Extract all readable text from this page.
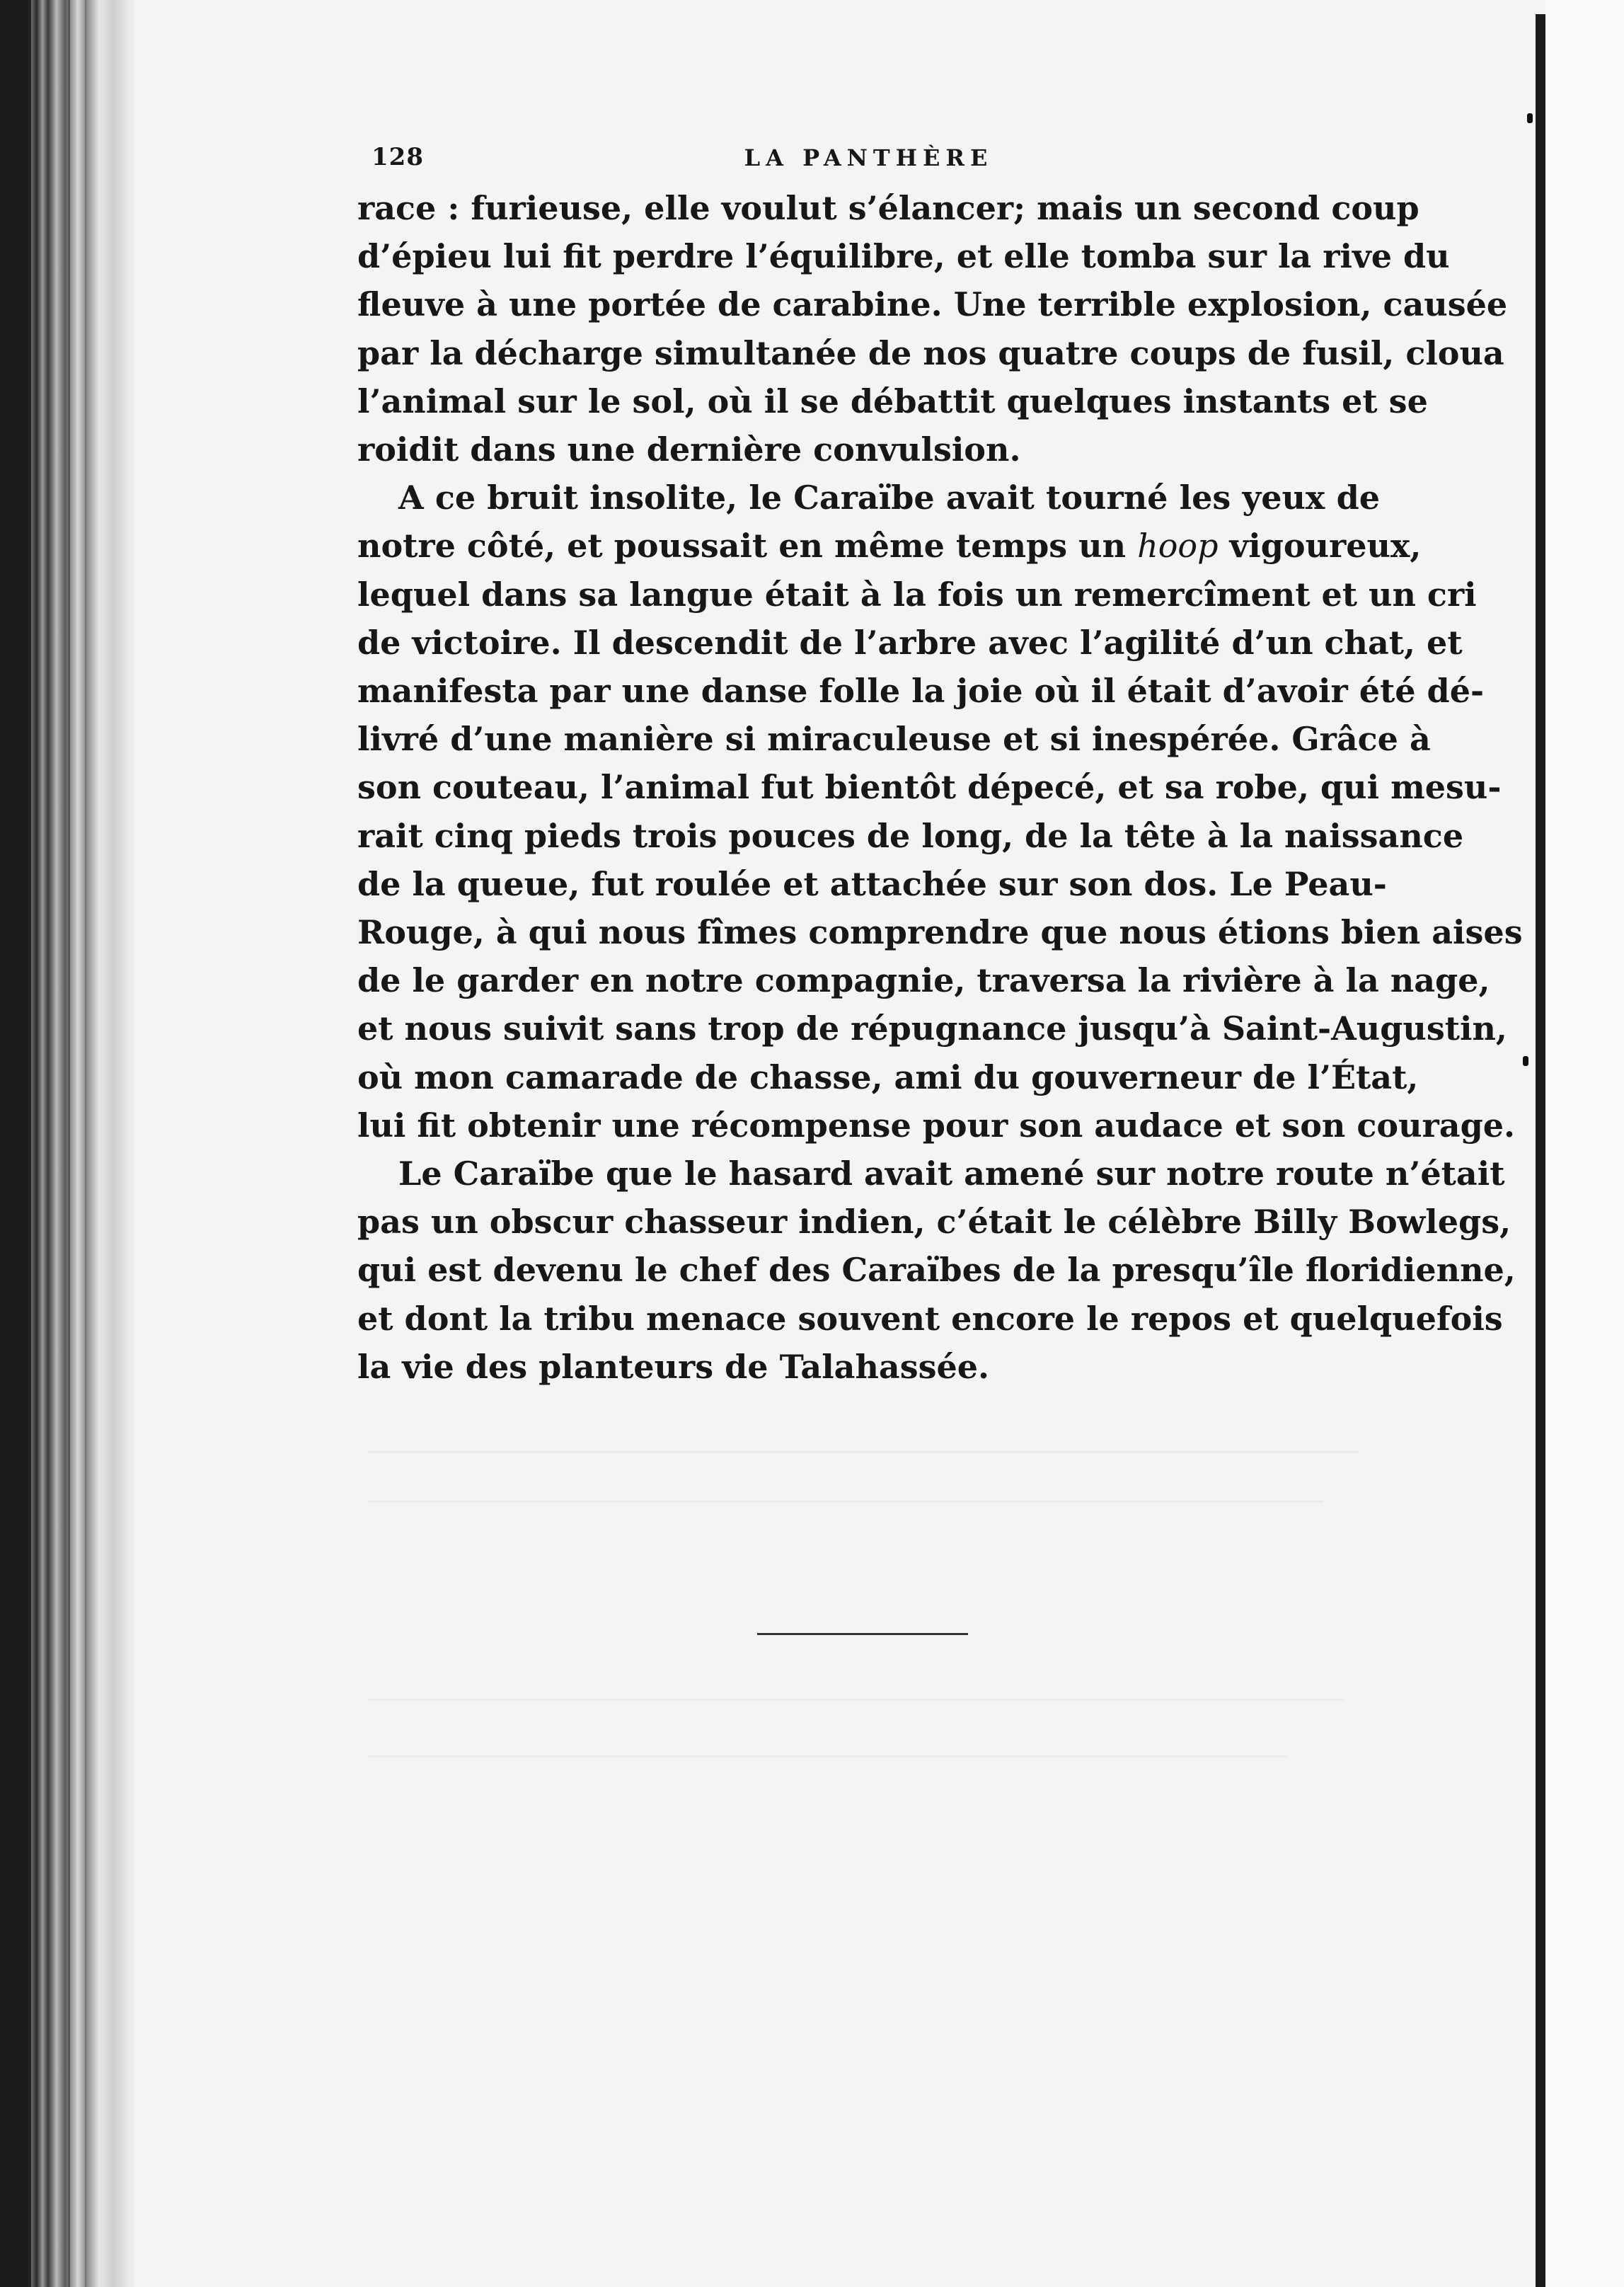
128	LA PANTHÈRE
race : furieuse, elle voulut s’élancer; mais un second coup
d’épieu lui fit perdre l’équilibre, et elle tomba sur la rive du
fleuve à une portée de carabine. Une terrible explosion, causée
par la décharge simultanée de nos quatre coups de fusil, cloua
l’animal sur le sol, où il se débattit quelques instants et se
roidit dans une dernière convulsion.
A ce bruit insolite, le Caraïbe avait tourné les yeux de
notre côté, et poussait en même temps un hoop vigoureux,
lequel dans sa langue était à la fois un remercîment et un cri
de victoire. Il descendit de l’arbre avec l’agilité d’un chat, et
manifesta par une danse folle la joie où il était d’avoir été dé-
livré d’une manière si miraculeuse et si inespérée. Grâce à
son couteau, l’animal fut bientôt dépecé, et sa robe, qui mesu-
rait cinq pieds trois pouces de long, de la tête à la naissance
de la queue, fut roulée et attachée sur son dos. Le Peau-
Rouge, à qui nous fîmes comprendre que nous étions bien aises
de le garder en notre compagnie, traversa la rivière à la nage,
et nous suivit sans trop de répugnance jusqu’à Saint-Augustin,
où mon camarade de chasse, ami du gouverneur de l’État,
lui fit obtenir une récompense pour son audace et son courage.
Le Caraïbe que le hasard avait amené sur notre route n’était
pas un obscur chasseur indien, c’était le célèbre Billy Bowlegs,
qui est devenu le chef des Caraïbes de la presqu’île floridienne,
et dont la tribu menace souvent encore le repos et quelquefois
la vie des planteurs de Talahassée.
